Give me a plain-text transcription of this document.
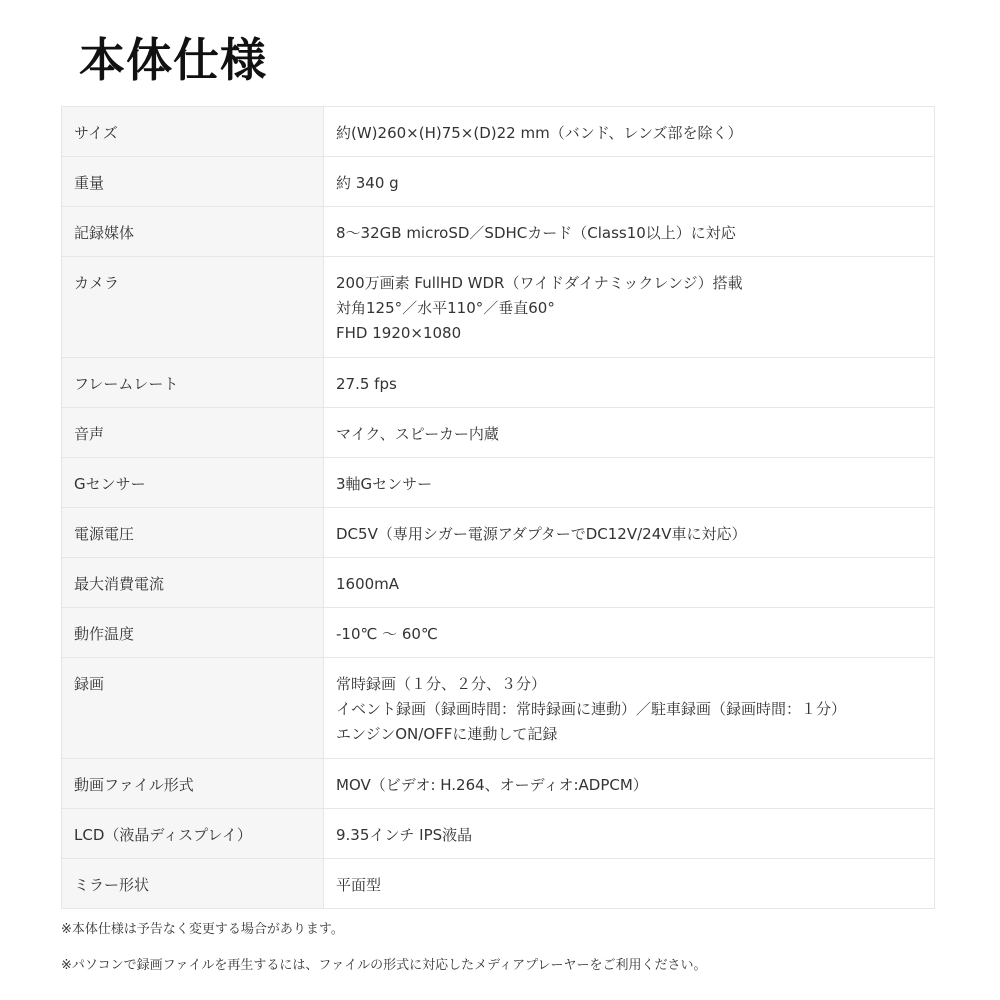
本体仕様
サイズ	約(W)260×(H)75×(D)22 mm（バンド、レンズ部を除く）

重量	約 340 g

記録媒体	8～32GB microSD／SDHCカード（Class10以上）に対応

カメラ	200万画素 FullHD WDR（ワイドダイナミックレンジ）搭載
対角125°／水平110°／垂直60°
FHD 1920×1080

フレームレート	27.5 fps

音声	マイク、スピーカー内蔵

Gセンサー	3軸Gセンサー

電源電圧	DC5V（専用シガー電源アダプターでDC12V/24V車に対応）

最大消費電流	1600mA

動作温度	-10℃ ～ 60℃

録画	常時録画（１分、２分、３分）
イベント録画（録画時間：常時録画に連動）／駐車録画（録画時間：１分）
エンジンON/OFFに連動して記録

動画ファイル形式	MOV（ビデオ: H.264、オーディオ:ADPCM）

LCD（液晶ディスプレイ）	9.35インチ IPS液晶

ミラー形状	平面型

※本体仕様は予告なく変更する場合があります。

※パソコンで録画ファイルを再生するには、ファイルの形式に対応したメディアプレーヤーをご利用ください。
